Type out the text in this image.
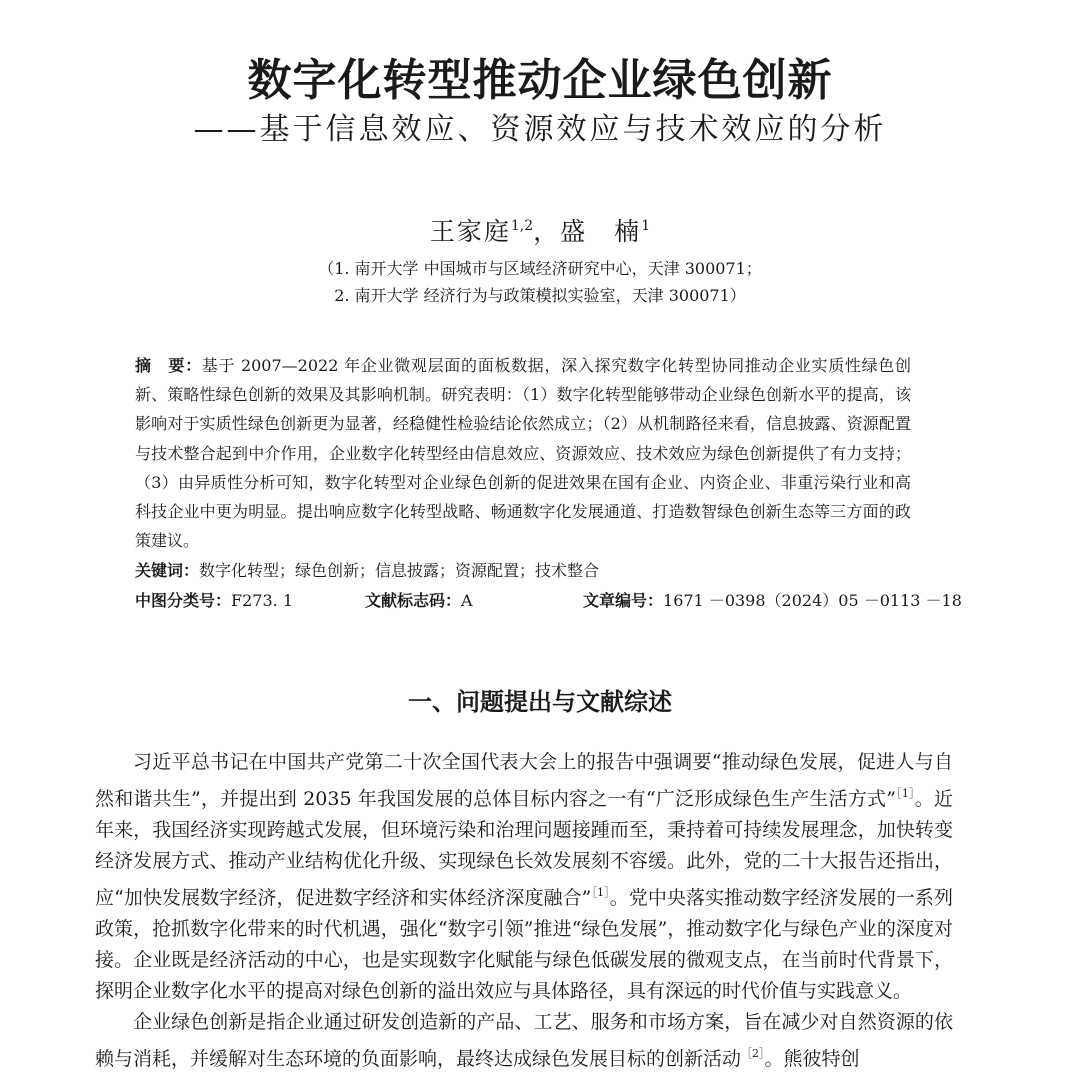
数字化转型推动企业绿色创新
——基于信息效应、资源效应与技术效应的分析
王家庭$^{1,2}$，盛　楠$^1$
（1. 南开大学 中国城市与区域经济研究中心，天津 300071；
2. 南开大学 经济行为与政策模拟实验室，天津 300071）
摘　要：基于 2007—2022 年企业微观层面的面板数据，深入探究数字化转型协同推动企业实质性绿色创新、策略性绿色创新的效果及其影响机制。研究表明：（1）数字化转型能够带动企业绿色创新水平的提高，该影响对于实质性绿色创新更为显著，经稳健性检验结论依然成立；（2）从机制路径来看，信息披露、资源配置与技术整合起到中介作用，企业数字化转型经由信息效应、资源效应、技术效应为绿色创新提供了有力支持；（3）由异质性分析可知，数字化转型对企业绿色创新的促进效果在国有企业、内资企业、非重污染行业和高科技企业中更为明显。提出响应数字化转型战略、畅通数字化发展通道、打造数智绿色创新生态等三方面的政策建议。
关键词：数字化转型；绿色创新；信息披露；资源配置；技术整合
中图分类号：F273. 1	文献标志码：A	文章编号：1671 －0398（2024）05 －0113 －18
一、问题提出与文献综述

习近平总书记在中国共产党第二十次全国代表大会上的报告中强调要“推动绿色发展，促进人与自然和谐共生”，并提出到 2035 年我国发展的总体目标内容之一有“广泛形成绿色生产生活方式”$^{[1]}$。近年来，我国经济实现跨越式发展，但环境污染和治理问题接踵而至，秉持着可持续发展理念，加快转变经济发展方式、推动产业结构优化升级、实现绿色长效发展刻不容缓。此外，党的二十大报告还指出，应“加快发展数字经济，促进数字经济和实体经济深度融合”$^{[1]}$。党中央落实推动数字经济发展的一系列政策，抢抓数字化带来的时代机遇，强化“数字引领”推进“绿色发展”，推动数字化与绿色产业的深度对接。企业既是经济活动的中心，也是实现数字化赋能与绿色低碳发展的微观支点，在当前时代背景下，探明企业数字化水平的提高对绿色创新的溢出效应与具体路径，具有深远的时代价值与实践意义。

企业绿色创新是指企业通过研发创造新的产品、工艺、服务和市场方案，旨在减少对自然资源的依赖与消耗，并缓解对生态环境的负面影响，最终达成绿色发展目标的创新活动$^{[2]}$。熊彼特创
